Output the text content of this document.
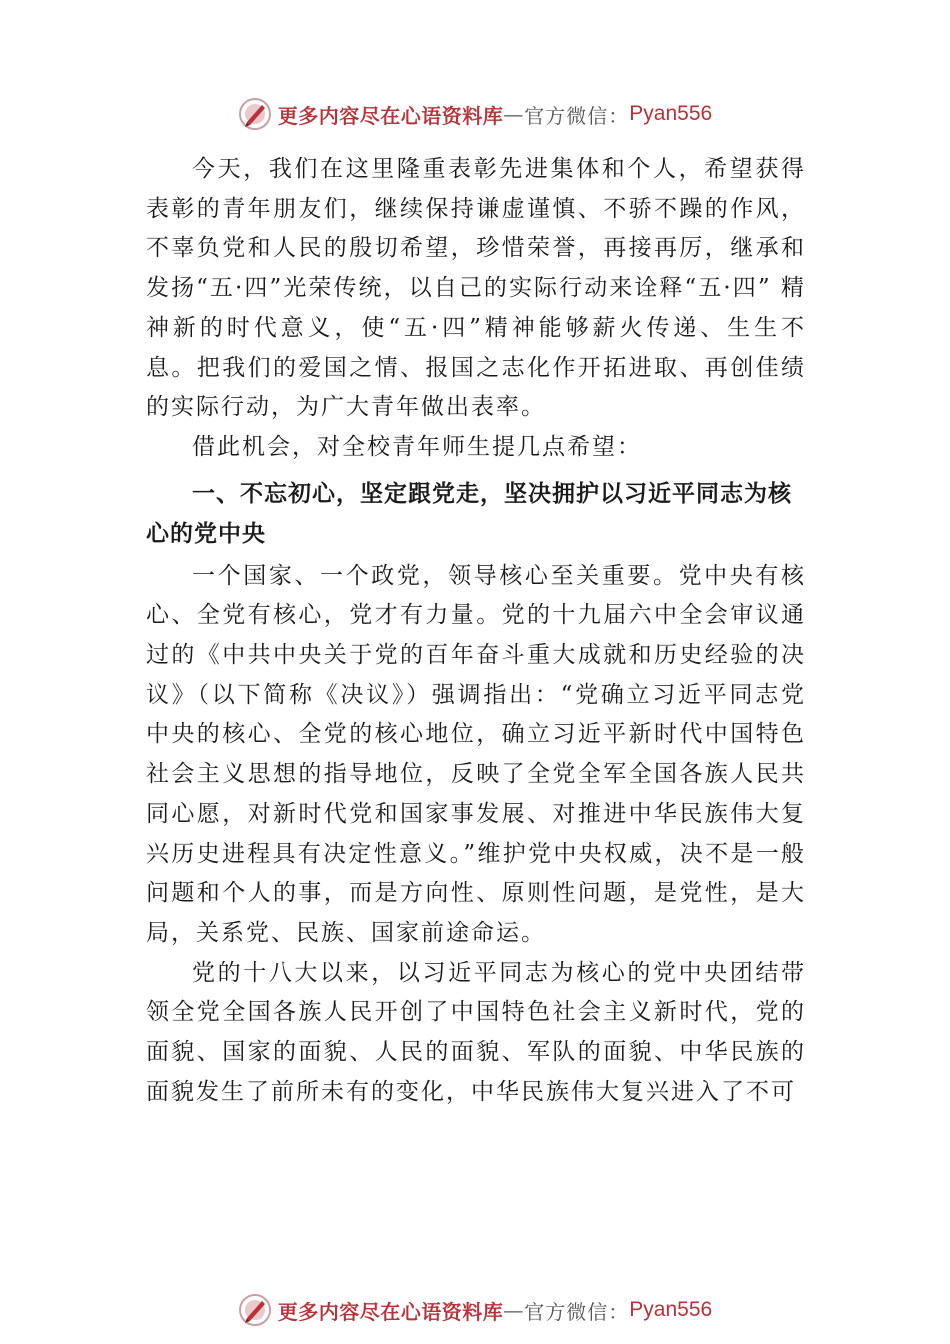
更多内容尽在心语资料库 — 官方微信： Pyan556

今天，我们在这里隆重表彰先进集体和个人，希望获得表彰的青年朋友们，继续保持谦虚谨慎、不骄不躁的作风，不辜负党和人民的殷切希望，珍惜荣誉，再接再厉，继承和发扬“五·四”光荣传统，以自己的实际行动来诠释“五·四” 精神新的时代意义，使“五·四”精神能够薪火传递、生生不息。把我们的爱国之情、报国之志化作开拓进取、再创佳绩的实际行动，为广大青年做出表率。

借此机会，对全校青年师生提几点希望：

一、不忘初心，坚定跟党走，坚决拥护以习近平同志为核心的党中央

一个国家、一个政党，领导核心至关重要。党中央有核心、全党有核心，党才有力量。党的十九届六中全会审议通过的《中共中央关于党的百年奋斗重大成就和历史经验的决议》（以下简称《决议》）强调指出：“党确立习近平同志党中央的核心、全党的核心地位，确立习近平新时代中国特色社会主义思想的指导地位，反映了全党全军全国各族人民共同心愿，对新时代党和国家事发展、对推进中华民族伟大复兴历史进程具有决定性意义。”维护党中央权威，决不是一般问题和个人的事，而是方向性、原则性问题，是党性，是大局，关系党、民族、国家前途命运。

党的十八大以来，以习近平同志为核心的党中央团结带领全党全国各族人民开创了中国特色社会主义新时代，党的面貌、国家的面貌、人民的面貌、军队的面貌、中华民族的面貌发生了前所未有的变化，中华民族伟大复兴进入了不可

更多内容尽在心语资料库 — 官方微信： Pyan556
